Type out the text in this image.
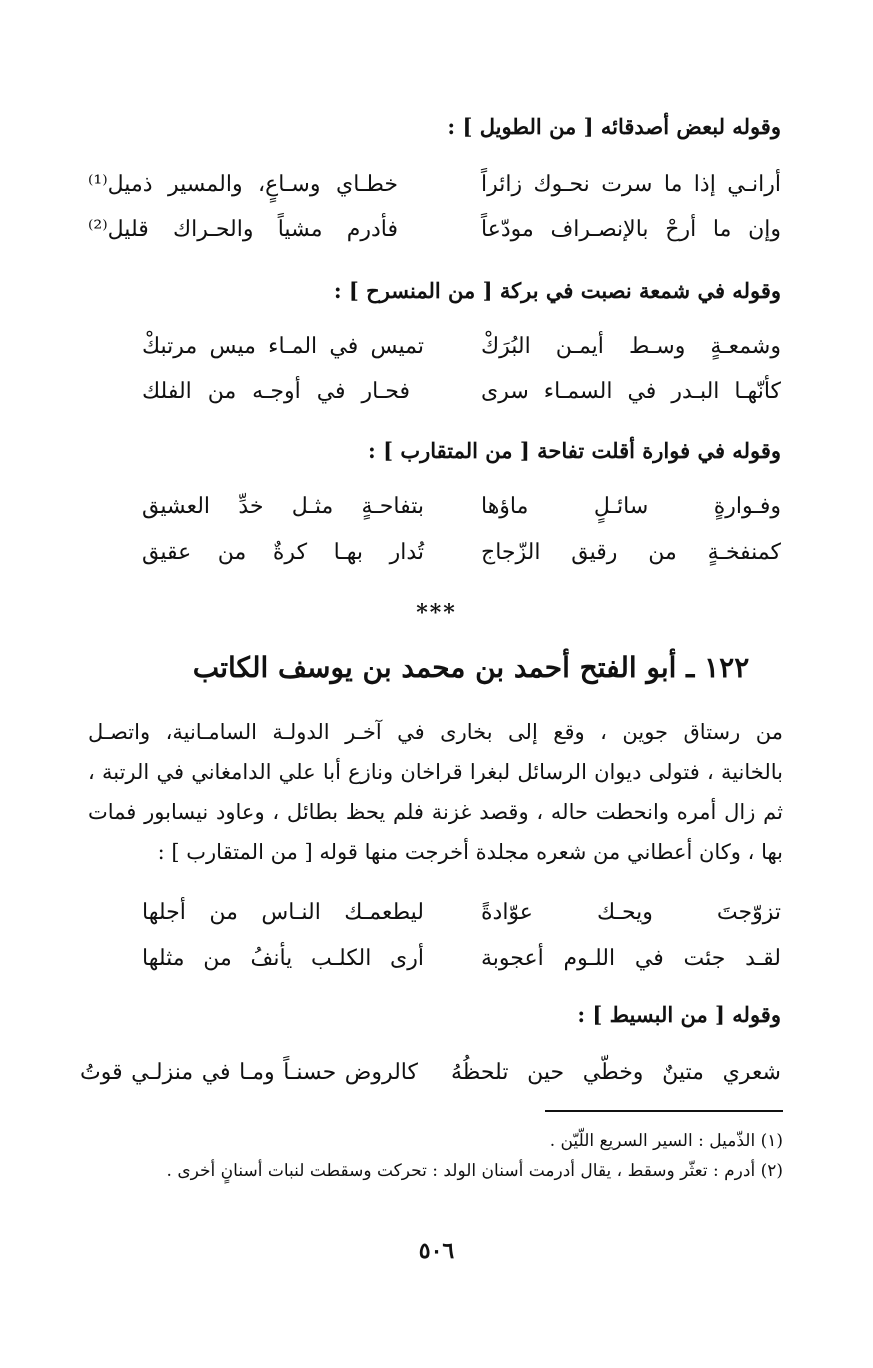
وقوله لبعض أصدقائه [ من الطويل ] :
أرانـي إذا ما سرت نحـوك زائراً
خطـاي وسـاعٍ، والمسير ذميل⁽¹⁾
وإن ما أرحْ بالإنصـراف مودّعاً
فأدرم مشياً والحـراك قليل⁽²⁾
وقوله في شمعة نصبت في بركة [ من المنسرح ] :
وشمعـةٍ وسـط أيمـن البُرَكْ
تميس في المـاء ميس مرتبكْ
كأنّهـا البـدر في السمـاء سرى
فحـار في أوجـه من الفلك
وقوله في فوارة أقلت تفاحة [ من المتقارب ] :
وفـوارةٍ سائـلٍ ماؤها
بتفاحـةٍ مثـل خدِّ العشيق
كمنفخـةٍ من رقيق الزّجاج
تُدار بهـا كرةٌ من عقيق
***
١٢٢ ـ أبو الفتح أحمد بن محمد بن يوسف الكاتب
من رستاق جوين ، وقع إلى بخارى في آخـر الدولـة السامـانية، واتصـل
بالخانية ، فتولى ديوان الرسائل لبغرا قراخان ونازع أبا علي الدامغاني في الرتبة ،
ثم زال أمره وانحطت حاله ، وقصد غزنة فلم يحظ بطائل ، وعاود نيسابور فمات
بها ، وكان أعطاني من شعره مجلدة أخرجت منها قوله [ من المتقارب ] :
تزوّجتَ ويحـك عوّادةً
ليطعمـك النـاس من أجلها
لقـد جئت في اللـوم أعجوبة
أرى الكلـب يأنفُ من مثلها
وقوله [ من البسيط ] :
شعري متينٌ وخطّي حين تلحظُهُ
كالروض حسنـاً ومـا في منزلـي قوتُ
(١) الذّميل : السير السريع اللّيّن .
(٢) أدرم : تعثّر وسقط ، يقال أدرمت أسنان الولد : تحركت وسقطت لنبات أسنانٍ أخرى .
٥٠٦
